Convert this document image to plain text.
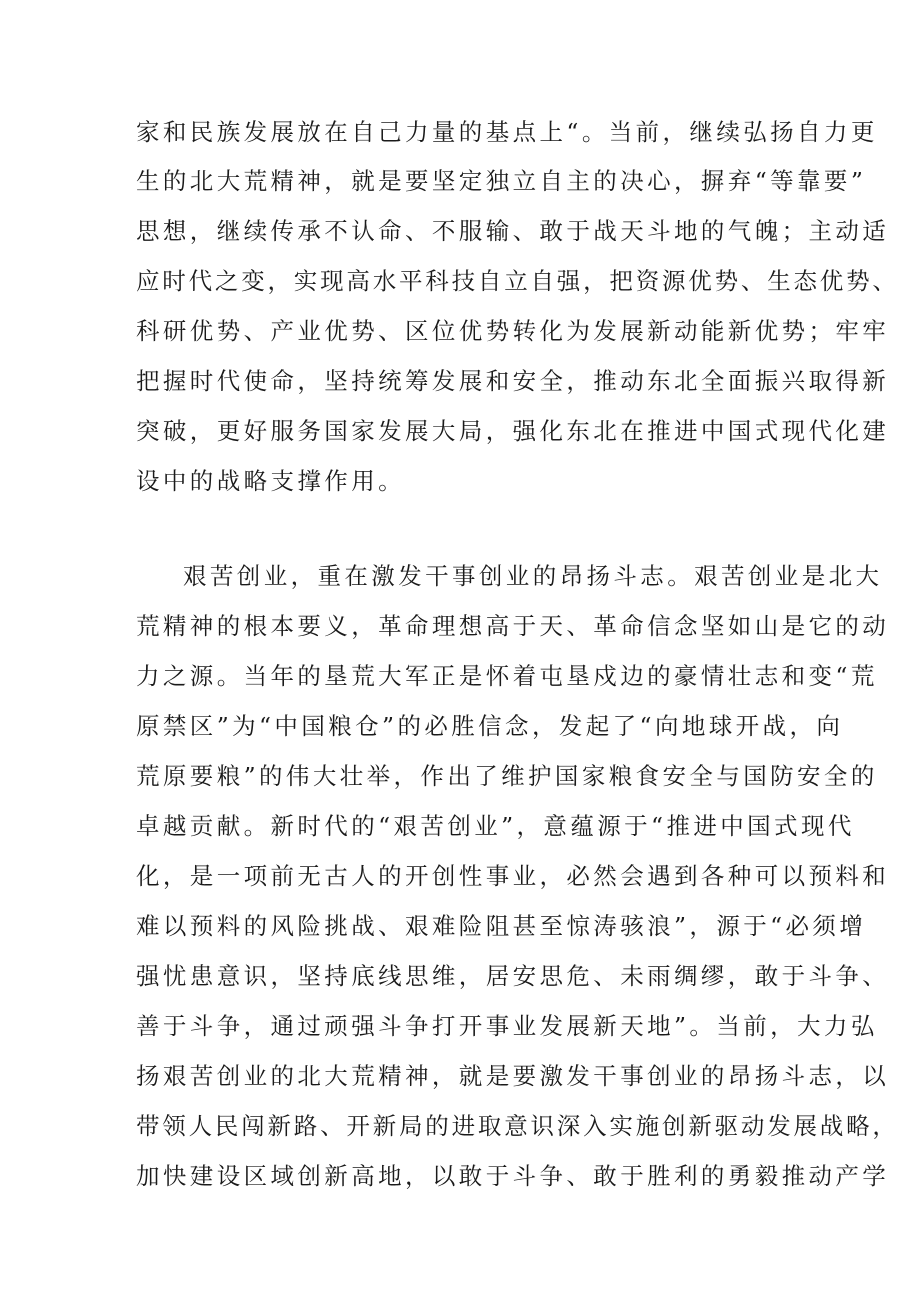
家和民族发展放在自己力量的基点上“。当前，继续弘扬自力更
生的北大荒精神，就是要坚定独立自主的决心，摒弃“等靠要”
思想，继续传承不认命、不服输、敢于战天斗地的气魄；主动适
应时代之变，实现高水平科技自立自强，把资源优势、生态优势、
科研优势、产业优势、区位优势转化为发展新动能新优势；牢牢
把握时代使命，坚持统筹发展和安全，推动东北全面振兴取得新
突破，更好服务国家发展大局，强化东北在推进中国式现代化建
设中的战略支撑作用。
艰苦创业，重在激发干事创业的昂扬斗志。艰苦创业是北大
荒精神的根本要义，革命理想高于天、革命信念坚如山是它的动
力之源。当年的垦荒大军正是怀着屯垦戍边的豪情壮志和变“荒
原禁区”为“中国粮仓”的必胜信念，发起了“向地球开战，向
荒原要粮”的伟大壮举，作出了维护国家粮食安全与国防安全的
卓越贡献。新时代的“艰苦创业”，意蕴源于“推进中国式现代
化，是一项前无古人的开创性事业，必然会遇到各种可以预料和
难以预料的风险挑战、艰难险阻甚至惊涛骇浪”，源于“必须增
强忧患意识，坚持底线思维，居安思危、未雨绸缪，敢于斗争、
善于斗争，通过顽强斗争打开事业发展新天地”。当前，大力弘
扬艰苦创业的北大荒精神，就是要激发干事创业的昂扬斗志，以
带领人民闯新路、开新局的进取意识深入实施创新驱动发展战略，
加快建设区域创新高地，以敢于斗争、敢于胜利的勇毅推动产学
